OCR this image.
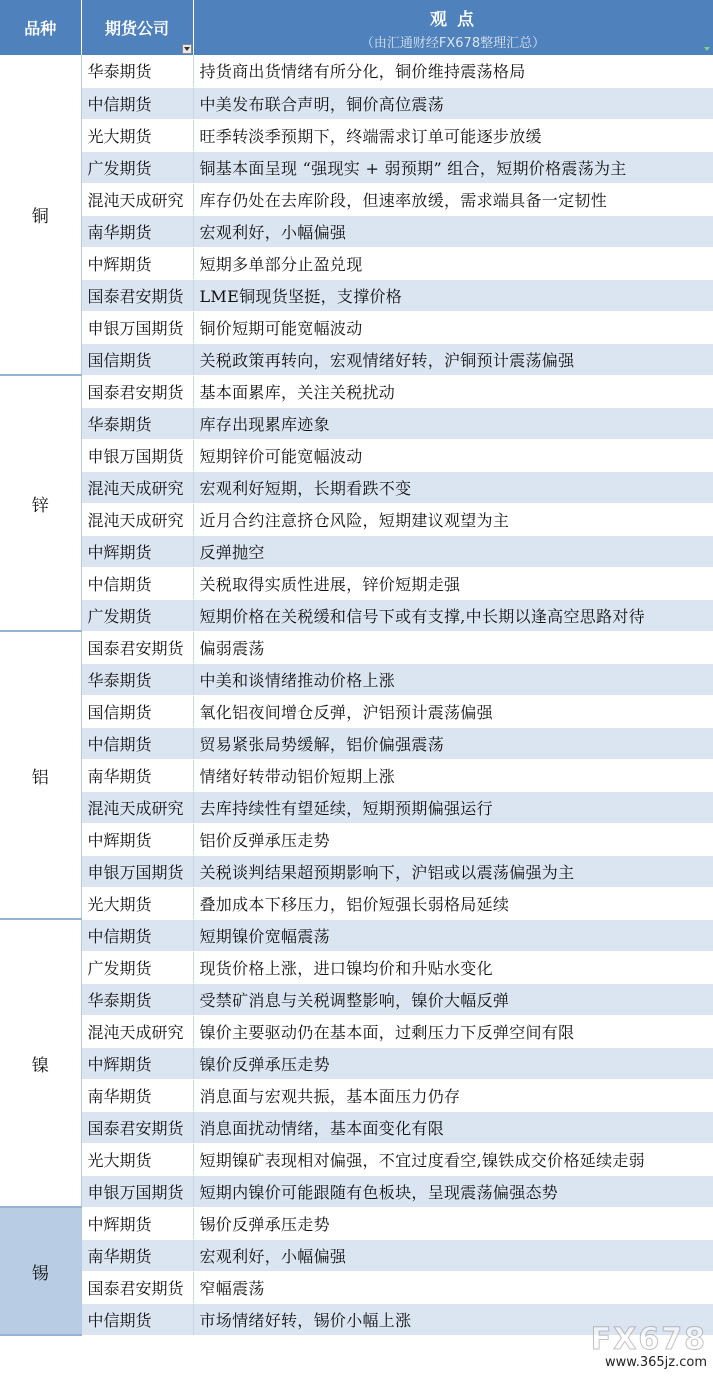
品种	期货公司	观 点
（由汇通财经FX678整理汇总）

铜	华泰期货	持货商出货情绪有所分化，铜价维持震荡格局
	中信期货	中美发布联合声明，铜价高位震荡
	光大期货	旺季转淡季预期下，终端需求订单可能逐步放缓
	广发期货	铜基本面呈现 “强现实 + 弱预期” 组合，短期价格震荡为主
	混沌天成研究	库存仍处在去库阶段，但速率放缓，需求端具备一定韧性
	南华期货	宏观利好，小幅偏强
	中辉期货	短期多单部分止盈兑现
	国泰君安期货	LME铜现货坚挺，支撑价格
	申银万国期货	铜价短期可能宽幅波动
	国信期货	关税政策再转向，宏观情绪好转，沪铜预计震荡偏强
锌	国泰君安期货	基本面累库，关注关税扰动
	华泰期货	库存出现累库迹象
	申银万国期货	短期锌价可能宽幅波动
	混沌天成研究	宏观利好短期，长期看跌不变
	混沌天成研究	近月合约注意挤仓风险，短期建议观望为主
	中辉期货	反弹抛空
	中信期货	关税取得实质性进展，锌价短期走强
	广发期货	短期价格在关税缓和信号下或有支撑,中长期以逢高空思路对待
铝	国泰君安期货	偏弱震荡
	华泰期货	中美和谈情绪推动价格上涨
	国信期货	氧化铝夜间增仓反弹，沪铝预计震荡偏强
	中信期货	贸易紧张局势缓解，铝价偏强震荡
	南华期货	情绪好转带动铝价短期上涨
	混沌天成研究	去库持续性有望延续，短期预期偏强运行
	中辉期货	铝价反弹承压走势
	申银万国期货	关税谈判结果超预期影响下，沪铝或以震荡偏强为主
	光大期货	叠加成本下移压力，铝价短强长弱格局延续
镍	中信期货	短期镍价宽幅震荡
	广发期货	现货价格上涨，进口镍均价和升贴水变化
	华泰期货	受禁矿消息与关税调整影响，镍价大幅反弹
	混沌天成研究	镍价主要驱动仍在基本面，过剩压力下反弹空间有限
	中辉期货	镍价反弹承压走势
	南华期货	消息面与宏观共振，基本面压力仍存
	国泰君安期货	消息面扰动情绪，基本面变化有限
	光大期货	短期镍矿表现相对偏强，不宜过度看空,镍铁成交价格延续走弱
	申银万国期货	短期内镍价可能跟随有色板块，呈现震荡偏强态势
锡	中辉期货	锡价反弹承压走势
	南华期货	宏观利好，小幅偏强
	国泰君安期货	窄幅震荡
	中信期货	市场情绪好转，锡价小幅上涨
FX678
www.365jz.com
